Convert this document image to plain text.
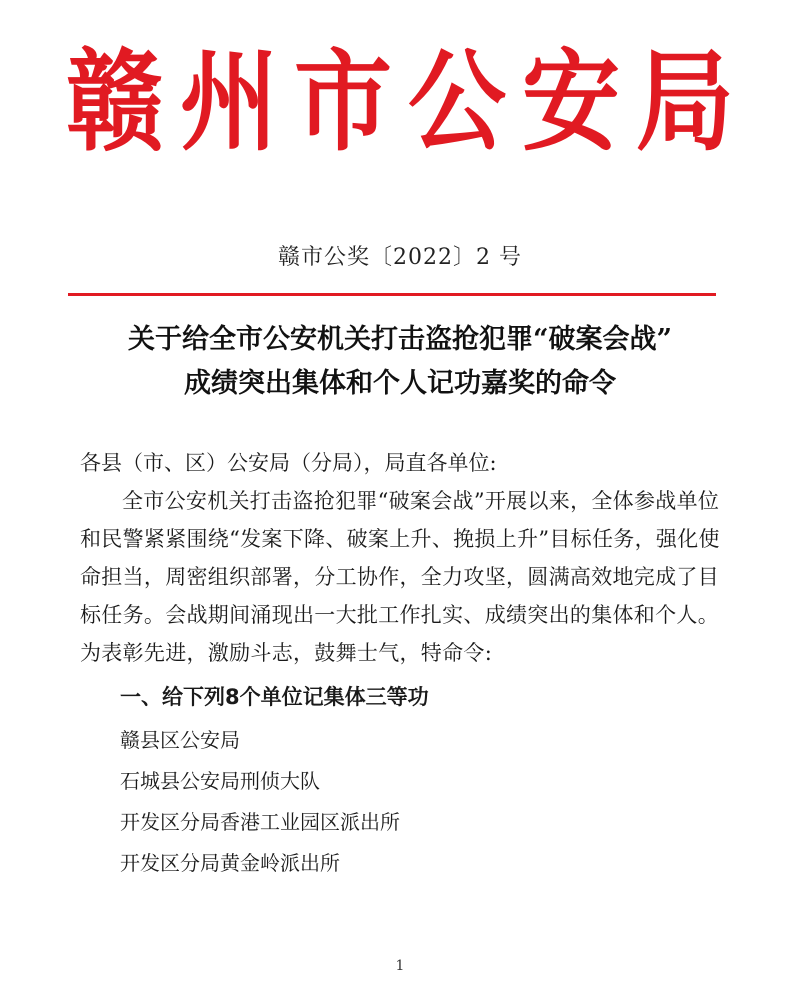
赣 州 市 公 安 局
赣市公奖〔2022〕2 号
关于给全市公安机关打击盗抢犯罪“破案会战”
成绩突出集体和个人记功嘉奖的命令

各县（市、区）公安局（分局），局直各单位:

全市公安机关打击盗抢犯罪“破案会战”开展以来，全体参战单位和民警紧紧围绕“发案下降、破案上升、挽损上升”目标任务，强化使命担当，周密组织部署，分工协作，全力攻坚，圆满高效地完成了目标任务。会战期间涌现出一大批工作扎实、成绩突出的集体和个人。为表彰先进，激励斗志，鼓舞士气，特命令:

一、给下列8个单位记集体三等功

赣县区公安局
石城县公安局刑侦大队
开发区分局香港工业园区派出所
开发区分局黄金岭派出所
1
